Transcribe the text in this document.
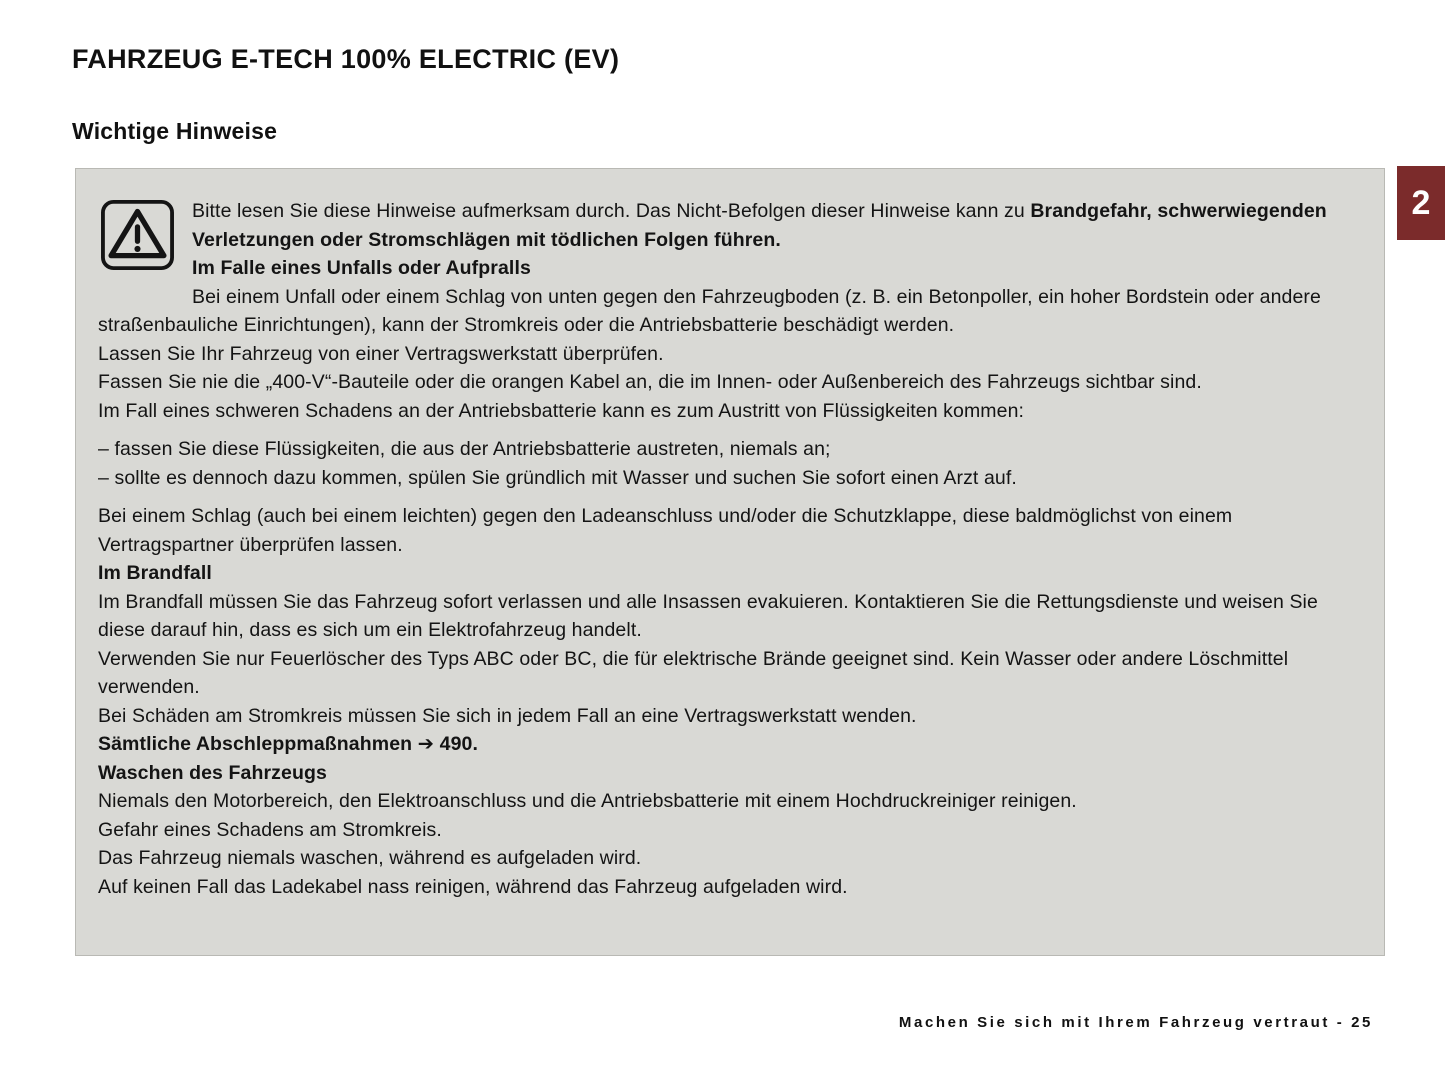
FAHRZEUG E-TECH 100% ELECTRIC (EV)
Wichtige Hinweise
2

Bitte lesen Sie diese Hinweise aufmerksam durch. Das Nicht-Befolgen dieser Hinweise kann zu Brandgefahr, schwerwiegenden Verletzungen oder Stromschlägen mit tödlichen Folgen führen.

Im Falle eines Unfalls oder Aufpralls

Bei einem Unfall oder einem Schlag von unten gegen den Fahrzeugboden (z. B. ein Betonpoller, ein hoher Bordstein oder andere straßenbauliche Einrichtungen), kann der Stromkreis oder die Antriebsbatterie beschädigt werden.

Lassen Sie Ihr Fahrzeug von einer Vertragswerkstatt überprüfen.

Fassen Sie nie die „400-V“-Bauteile oder die orangen Kabel an, die im Innen- oder Außenbereich des Fahrzeugs sichtbar sind.

Im Fall eines schweren Schadens an der Antriebsbatterie kann es zum Austritt von Flüssigkeiten kommen:

– fassen Sie diese Flüssigkeiten, die aus der Antriebsbatterie austreten, niemals an;

– sollte es dennoch dazu kommen, spülen Sie gründlich mit Wasser und suchen Sie sofort einen Arzt auf.

Bei einem Schlag (auch bei einem leichten) gegen den Ladeanschluss und/oder die Schutzklappe, diese baldmöglichst von einem Vertragspartner überprüfen lassen.

Im Brandfall

Im Brandfall müssen Sie das Fahrzeug sofort verlassen und alle Insassen evakuieren. Kontaktieren Sie die Rettungsdienste und weisen Sie diese darauf hin, dass es sich um ein Elektrofahrzeug handelt.

Verwenden Sie nur Feuerlöscher des Typs ABC oder BC, die für elektrische Brände geeignet sind. Kein Wasser oder andere Löschmittel verwenden.

Bei Schäden am Stromkreis müssen Sie sich in jedem Fall an eine Vertragswerkstatt wenden.

Sämtliche Abschleppmaßnahmen ➔ 490.

Waschen des Fahrzeugs

Niemals den Motorbereich, den Elektroanschluss und die Antriebsbatterie mit einem Hochdruckreiniger reinigen.

Gefahr eines Schadens am Stromkreis.

Das Fahrzeug niemals waschen, während es aufgeladen wird.

Auf keinen Fall das Ladekabel nass reinigen, während das Fahrzeug aufgeladen wird.

Machen Sie sich mit Ihrem Fahrzeug vertraut - 25
